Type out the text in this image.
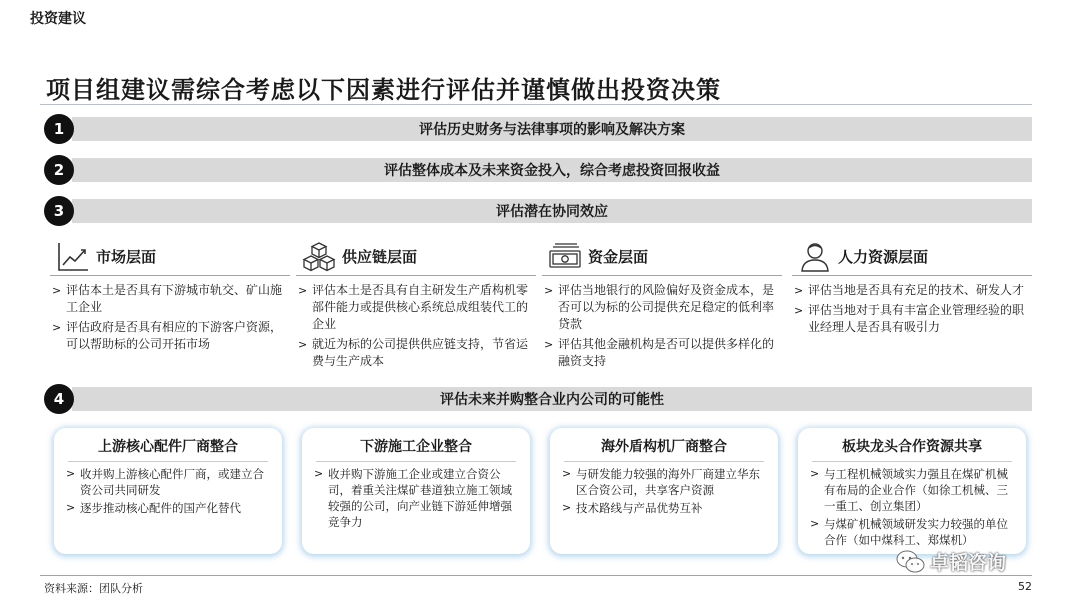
投资建议
项目组建议需综合考虑以下因素进行评估并谨慎做出投资决策
评估历史财务与法律事项的影响及解决方案
1
评估整体成本及未来资金投入，综合考虑投资回报收益
2
评估潜在协同效应
3
市场层面
> 评估本土是否具有下游城市轨交、矿山施工企业
> 评估政府是否具有相应的下游客户资源，可以帮助标的公司开拓市场
供应链层面
> 评估本土是否具有自主研发生产盾构机零部件能力或提供核心系统总成组装代工的企业
> 就近为标的公司提供供应链支持，节省运费与生产成本
资金层面
> 评估当地银行的风险偏好及资金成本，是否可以为标的公司提供充足稳定的低利率贷款
> 评估其他金融机构是否可以提供多样化的融资支持
人力资源层面
> 评估当地是否具有充足的技术、研发人才
> 评估当地对于具有丰富企业管理经验的职业经理人是否具有吸引力
评估未来并购整合业内公司的可能性
4
上游核心配件厂商整合
> 收并购上游核心配件厂商，或建立合资公司共同研发
> 逐步推动核心配件的国产化替代
下游施工企业整合
> 收并购下游施工企业或建立合资公司，着重关注煤矿巷道独立施工领域较强的公司，向产业链下游延伸增强竞争力
海外盾构机厂商整合
> 与研发能力较强的海外厂商建立华东区合资公司，共享客户资源
> 技术路线与产品优势互补
板块龙头合作资源共享
> 与工程机械领域实力强且在煤矿机械有布局的企业合作（如徐工机械、三一重工、创立集团）
> 与煤矿机械领域研发实力较强的单位合作（如中煤科工、郑煤机）
资料来源：团队分析	52
卓韬咨询
